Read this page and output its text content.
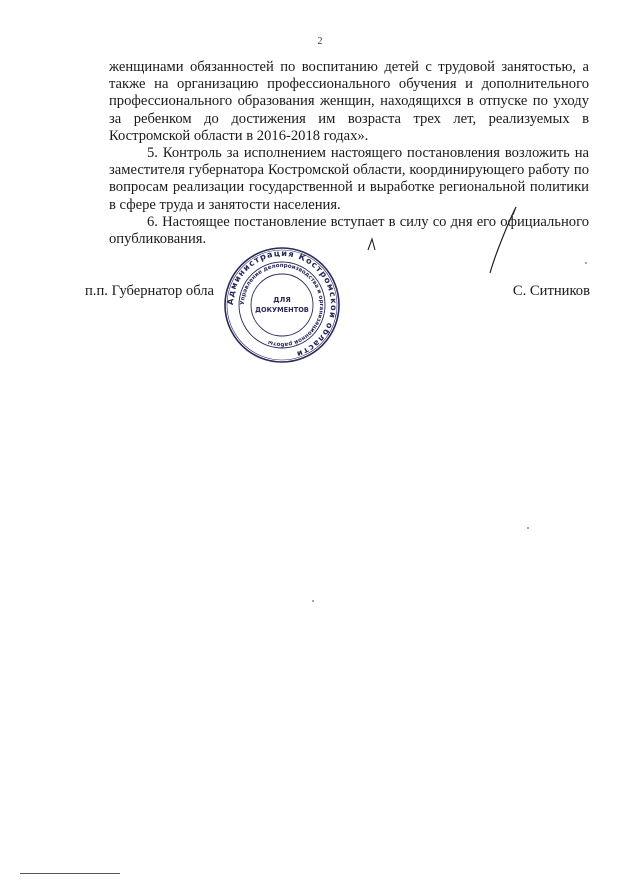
2

женщинами обязанностей по воспитанию детей с трудовой занятостью, а также на организацию профессионального обучения и дополнительного профессионального образования женщин, находящихся в отпуске по уходу за ребенком до достижения им возраста трех лет, реализуемых в Костромской области в 2016-2018 годах».

5. Контроль за исполнением настоящего постановления возложить на заместителя губернатора Костромской области, координирующего работу по вопросам реализации государственной и выработке региональной политики в сфере труда и занятости населения.

6. Настоящее постановление вступает в силу со дня его официального опубликования.

п.п. Губернатор обла	С. Ситников
Администрация Костромской области
Управление делопроизводства и организационной работы
ДЛЯ
ДОКУМЕНТОВ
